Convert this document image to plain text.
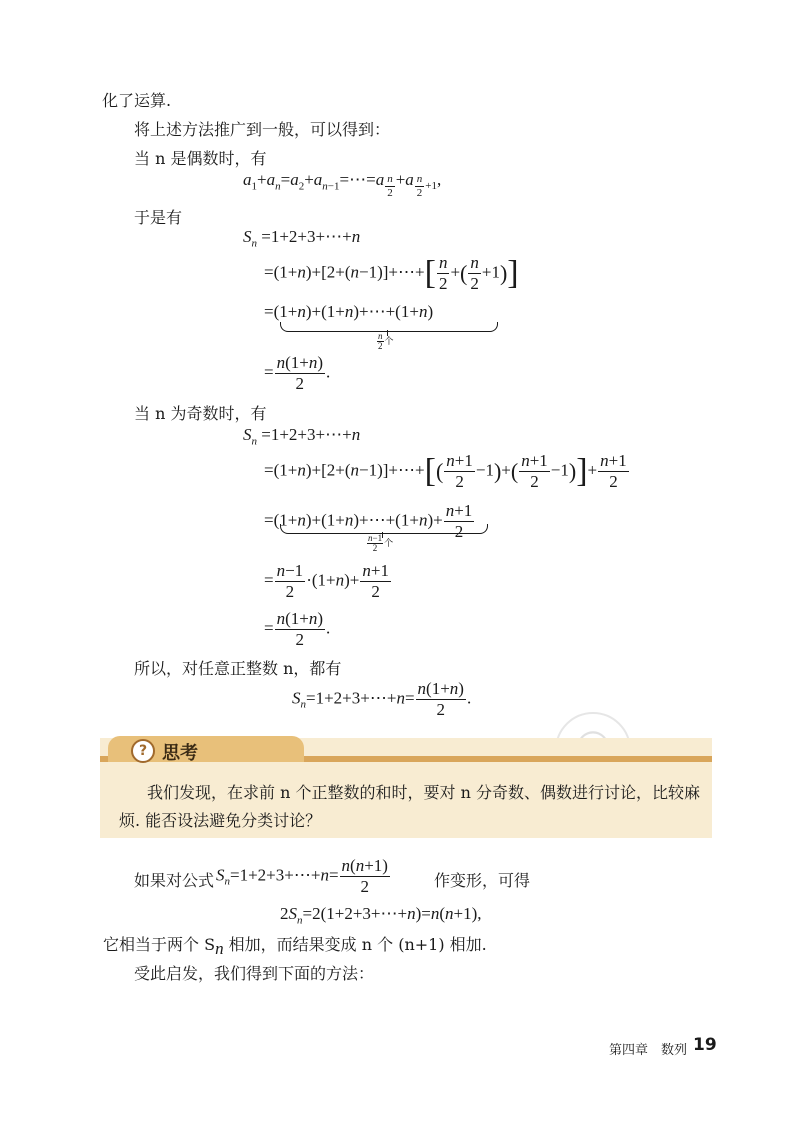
化了运算.
将上述方法推广到一般，可以得到：
当 n 是偶数时，有
$a_1+a_n=a_2+a_{n-1}=\cdots=a$ $_{\frac{n}{2}}$ +a $_{\frac{n}{2} +1}$,
于是有
$S_n$ =1+2+3+⋯+n
=(1+n)+[2+(n−1)]+⋯+[ $\frac{n}{2}$ +( $\frac{n}{2} +1$)]
=(1+n)+(1+n)+⋯+(1+n)
$\frac{n}{2}$ 个
= $\frac{n(1+n)}{2}$ .
当 n 为奇数时，有
$S_n$ =1+2+3+⋯+n
=(1+n)+[2+(n−1)]+⋯+[( $\frac{n+1}{2} -1)+( \frac{n+1}{2} -1)]+ \frac{n+1}{2}$
=(1+n)+(1+n)+⋯+(1+n)+ $\frac{n+1}{2}$
$\frac{n-1}{2}$ 个
= $\frac{n-1}{2} \cdot(1+n)+ \frac{n+1}{2}$
= $\frac{n(1+n)}{2}$ .
所以，对任意正整数 n，都有
$S_n=1+2+3+\cdots+n= \frac{n(1+n)}{2}$ .
? 思考
我们发现，在求前 n 个正整数的和时，要对 n 分奇数、偶数进行讨论，比较麻
烦. 能否设法避免分类讨论？
如果对公式 $S_n=1+2+3+\cdots+n= \frac{n(n+1)}{2}$	作变形，可得
$2S_n=2(1+2+3+\cdots+n)=n(n+1)$,
它相当于两个 $S_n$ 相加，而结果变成 n 个 (n+1) 相加.
受此启发，我们得到下面的方法：
第四章　数列 19
